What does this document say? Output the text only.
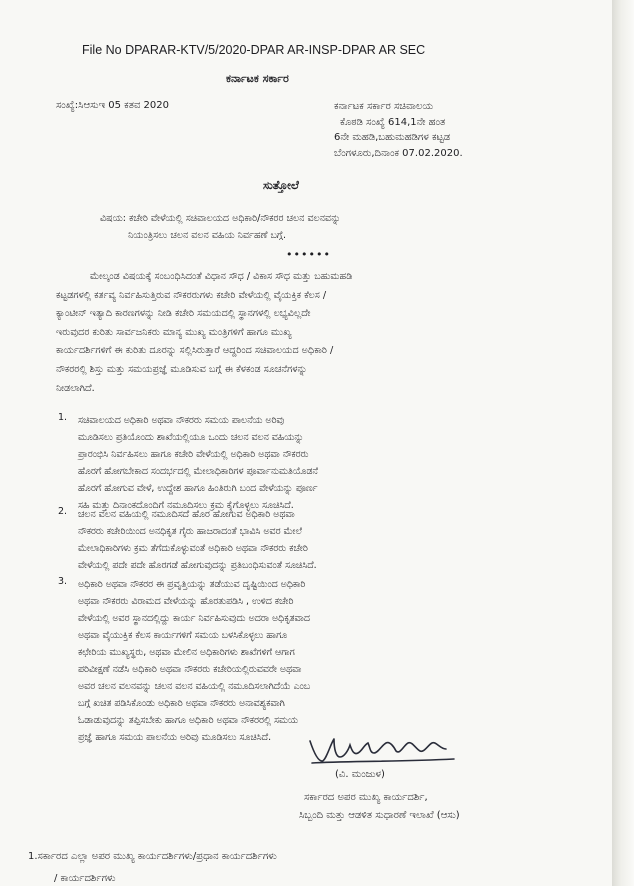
File No DPARAR-KTV/5/2020-DPAR AR-INSP-DPAR AR SEC
ಕರ್ನಾಟಕ ಸರ್ಕಾರ
ಸಂಖ್ಯೆ:ಸಿಆಸುಇ 05 ಕತವ 2020	ಕರ್ನಾಟಕ ಸರ್ಕಾರ ಸಚಿವಾಲಯ
ಕೊಠಡಿ ಸಂಖ್ಯೆ 614,1ನೇ ಹಂತ
6ನೇ ಮಹಡಿ,ಬಹುಮಹಡಿಗಳ ಕಟ್ಟಡ
ಬೆಂಗಳೂರು,ದಿನಾಂಕ 07.02.2020.
ಸುತ್ತೋಲೆ
ವಿಷಯ: ಕಚೇರಿ ವೇಳೆಯಲ್ಲಿ ಸಚಿವಾಲಯದ ಅಧಿಕಾರಿ/ನೌಕರರ ಚಲನ ವಲನವನ್ನು
ನಿಯಂತ್ರಿಸಲು ಚಲನ ವಲನ ವಹಿಯ ನಿರ್ವಹಣೆ ಬಗ್ಗೆ.
••••••
ಮೇಲ್ಕಂಡ ವಿಷಯಕ್ಕೆ ಸಂಬಂಧಿಸಿದಂತೆ ವಿಧಾನ ಸೌಧ / ವಿಕಾಸ ಸೌಧ ಮತ್ತು ಬಹುಮಹಡಿ
ಕಟ್ಟಡಗಳಲ್ಲಿ ಕರ್ತವ್ಯ ನಿರ್ವಹಿಸುತ್ತಿರುವ ನೌಕರರುಗಳು ಕಚೇರಿ ವೇಳೆಯಲ್ಲಿ ವೈಯಕ್ತಿಕ ಕೆಲಸ /
ಕ್ಯಾಂಟೀನ್ ಇತ್ಯಾದಿ ಕಾರಣಗಳನ್ನು ನೀಡಿ ಕಚೇರಿ ಸಮಯದಲ್ಲಿ ಸ್ಥಾನಗಳಲ್ಲಿ ಲಭ್ಯವಿಲ್ಲದೇ
ಇರುವುದರ ಕುರಿತು ಸಾರ್ವಜನಿಕರು ಮಾನ್ಯ ಮುಖ್ಯ ಮಂತ್ರಿಗಳಿಗೆ ಹಾಗೂ ಮುಖ್ಯ
ಕಾರ್ಯದರ್ಶಿಗಳಿಗೆ ಈ ಕುರಿತು ದೂರನ್ನು ಸಲ್ಲಿಸಿರುತ್ತಾರೆ ಆದ್ದರಿಂದ ಸಚಿವಾಲಯದ ಅಧಿಕಾರಿ /
ನೌಕರರಲ್ಲಿ ಶಿಸ್ತು ಮತ್ತು ಸಮಯಪ್ರಜ್ಞೆ ಮೂಡಿಸುವ ಬಗ್ಗೆ ಈ ಕೆಳಕಂಡ ಸೂಚನೆಗಳನ್ನು
ನೀಡಲಾಗಿದೆ.
1. ಸಚಿವಾಲಯದ ಅಧಿಕಾರಿ ಅಥವಾ ನೌಕರರು ಸಮಯ ಪಾಲನೆಯ ಅರಿವು
ಮೂಡಿಸಲು ಪ್ರತಿಯೊಂದು ಶಾಖೆಯಲ್ಲಿಯೂ ಒಂದು ಚಲನ ವಲನ ವಹಿಯನ್ನು
ಪ್ರಾರಂಭಿಸಿ ನಿರ್ವಹಿಸಲು ಹಾಗೂ ಕಚೇರಿ ವೇಳೆಯಲ್ಲಿ ಅಧಿಕಾರಿ ಅಥವಾ ನೌಕರರು
ಹೊರಗೆ ಹೋಗಬೇಕಾದ ಸಂದರ್ಭದಲ್ಲಿ ಮೇಲಾಧಿಕಾರಿಗಳ ಪೂರ್ವಾನುಮತಿಯೊಡನೆ
ಹೊರಗೆ ಹೋಗುವ ವೇಳೆ, ಉದ್ದೇಶ ಹಾಗೂ ಹಿಂತಿರುಗಿ ಬಂದ ವೇಳೆಯನ್ನು ಪೂರ್ಣ
ಸಹಿ ಮತ್ತು ದಿನಾಂಕದೊಂದಿಗೆ ನಮೂದಿಸಲು ಕ್ರಮ ಕೈಗೊಳ್ಳಲು ಸೂಚಿಸಿದೆ.
2. ಚಲನ ವಲನ ವಹಿಯಲ್ಲಿ ನಮೂದಿಸದೆ ಹೊರ ಹೋಗುವ ಅಧಿಕಾರಿ ಅಥವಾ
ನೌಕರರು ಕಚೇರಿಯಿಂದ ಅನಧಿಕೃತ ಗೈರು ಹಾಜರಾದಂತೆ ಭಾವಿಸಿ ಅವರ ಮೇಲೆ
ಮೇಲಾಧಿಕಾರಿಗಳು ಕ್ರಮ ತೆಗೆದುಕೊಳ್ಳುವಂತೆ ಅಧಿಕಾರಿ ಅಥವಾ ನೌಕರರು ಕಚೇರಿ
ವೇಳೆಯಲ್ಲಿ ಪದೇ ಪದೇ ಹೊರಗಡೆ ಹೋಗುವುದನ್ನು ಪ್ರತಿಬಂಧಿಸುವಂತೆ ಸೂಚಿಸಿದೆ.
3. ಅಧಿಕಾರಿ ಅಥವಾ ನೌಕರರ ಈ ಪ್ರವೃತ್ತಿಯನ್ನು ತಡೆಯುವ ದೃಷ್ಟಿಯಿಂದ ಅಧಿಕಾರಿ
ಅಥವಾ ನೌಕರರು ವಿರಾಮದ ವೇಳೆಯನ್ನು ಹೊರತುಪಡಿಸಿ , ಉಳಿದ ಕಚೇರಿ
ವೇಳೆಯಲ್ಲಿ ಅವರ ಸ್ಥಾನದಲ್ಲಿದ್ದು ಕಾರ್ಯ ನಿರ್ವಹಿಸುವುದು ಅದರಾ ಅಧಿಕೃತವಾದ
ಅಥವಾ ವೈಯುಕ್ತಿಕ ಕೆಲಸ ಕಾರ್ಯಗಳಿಗೆ ಸಮಯ ಬಳಸಿಕೊಳ್ಳಲು ಹಾಗೂ
ಕಛೇರಿಯ ಮುಖ್ಯಸ್ಥರು, ಅಥವಾ ಮೇಲಿನ ಅಧಿಕಾರಿಗಳು ಶಾಖೆಗಳಿಗೆ ಆಗಾಗ
ಪರಿವೀಕ್ಷಣೆ ನಡೆಸಿ ಅಧಿಕಾರಿ ಅಥವಾ ನೌಕರರು ಕಚೇರಿಯಲ್ಲಿರುವವರೇ ಅಥವಾ
ಅವರ ಚಲನ ವಲನವನ್ನು ಚಲನ ವಲನ ವಹಿಯಲ್ಲಿ ನಮೂದಿಸಲಾಗಿದೆಯೆ ಎಂಬ
ಬಗ್ಗೆ ಖಚಿತ ಪಡಿಸಿಕೊಂಡು ಅಧಿಕಾರಿ ಅಥವಾ ನೌಕರರು ಅನಾವಶ್ಯಕವಾಗಿ
ಓಡಾಡುವುದನ್ನು ತಪ್ಪಿಸಬೇಕು ಹಾಗೂ ಅಧಿಕಾರಿ ಅಥವಾ ನೌಕರರಲ್ಲಿ ಸಮಯ
ಪ್ರಜ್ಞೆ ಹಾಗೂ ಸಮಯ ಪಾಲನೆಯ ಅರಿವು ಮೂಡಿಸಲು ಸೂಚಿಸಿದೆ.
(ವಿ. ಮಂಜುಳ)
ಸರ್ಕಾರದ ಅಪರ ಮುಖ್ಯ ಕಾರ್ಯದರ್ಶಿ,
ಸಿಬ್ಬಂದಿ ಮತ್ತು ಆಡಳಿತ ಸುಧಾರಣೆ ಇಲಾಖೆ (ಆಸು)
1.ಸರ್ಕಾರದ ಎಲ್ಲಾ ಅಪರ ಮುಖ್ಯ ಕಾರ್ಯದರ್ಶಿಗಳು/ಪ್ರಧಾನ ಕಾರ್ಯದರ್ಶಿಗಳು
/ ಕಾರ್ಯದರ್ಶಿಗಳು
